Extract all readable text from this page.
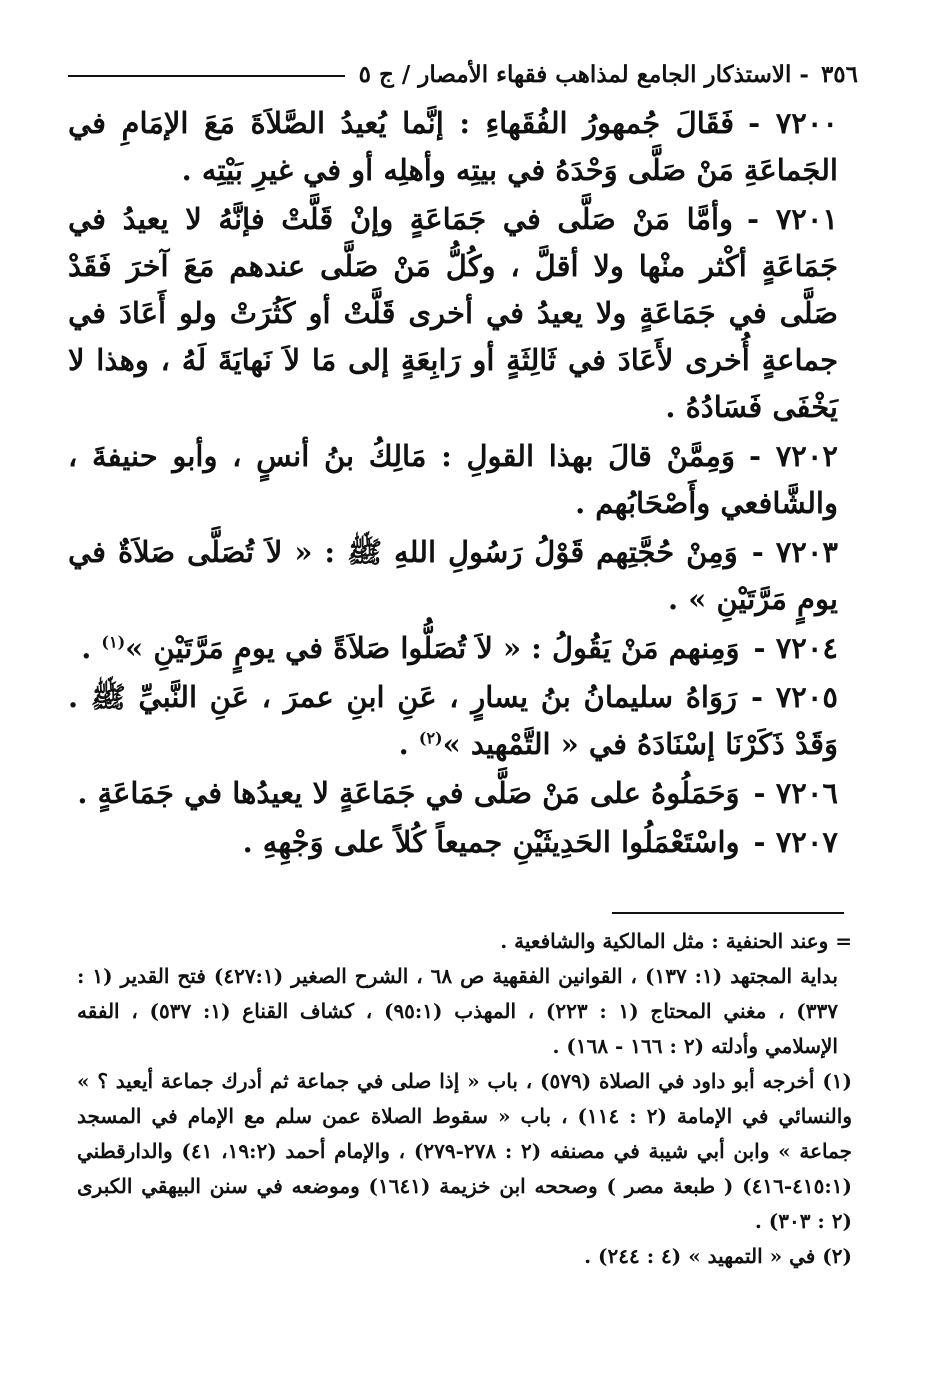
٣٥٦
- الاستذكار الجامع لمذاهب فقهاء الأمصار / ج ٥

٧٢٠٠ -فَقَالَ جُمهورُ الفُقَهاءِ : إنَّما يُعيدُ الصَّلاَةَ مَعَ الإمَامِ في الجَماعَةِ مَنْ صَلَّى وَحْدَهُ في بيتِه وأهلِه أو في غيرِ بَيْتِه .

٧٢٠١ -وأمَّا مَنْ صَلَّى في جَمَاعَةٍ وإنْ قَلَّتْ فإنَّهُ لا يعيدُ في جَمَاعَةٍ أكْثر منْها ولا أقلَّ ، وكُلُّ مَنْ صَلَّى عندهم مَعَ آخرَ فَقَدْ صَلَّى في جَمَاعَةٍ ولا يعيدُ في أخرى قَلَّتْ أو كَثُرَتْ ولو أَعَادَ في جماعةٍ أُخرى لأَعَادَ في ثَالِثَةٍ أو رَابِعَةٍ إلى مَا لاَ نَهايَةَ لَهُ ، وهذا لا يَخْفَى فَسَادُهُ .

٧٢٠٢ -وَمِمَّنْ قالَ بهذا القولِ : مَالِكُ بنُ أنسٍ ، وأبو حنيفةَ ، والشَّافعي وأَصْحَابُهم .

٧٢٠٣ -وَمِنْ حُجَّتِهم قَوْلُ رَسُولِ اللهِ ﷺ : « لاَ تُصَلَّى صَلاَةٌ في يومٍ مَرَّتَيْنِ » .

٧٢٠٤ -وَمِنهم مَنْ يَقُولُ : « لاَ تُصَلُّوا صَلاَةً في يومٍ مَرَّتَيْنِ »$^{(١)}$ .

٧٢٠٥ -رَوَاهُ سليمانُ بنُ يسارٍ ، عَنِ ابنِ عمرَ ، عَنِ النَّبيِّ ﷺ . وَقَدْ ذَكَرْنَا إسْنَادَهُ في « التَّمْهيد »$^{(٢)}$ .

٧٢٠٦ -وَحَمَلُوهُ على مَنْ صَلَّى في جَمَاعَةٍ لا يعيدُها في جَمَاعَةٍ .

٧٢٠٧ -واسْتَعْمَلُوا الحَدِيثَيْنِ جميعاً كُلاً على وَجْهِهِ .

= وعند الحنفية : مثل المالكية والشافعية .

بداية المجتهد (١: ١٣٧) ، القوانين الفقهية ص ٦٨ ، الشرح الصغير (٤٢٧:١) فتح القدير (١ : ٣٣٧) ، مغني المحتاج (١ : ٢٢٣) ، المهذب (٩٥:١) ، كشاف القناع (١: ٥٣٧) ، الفقه الإسلامي وأدلته (٢ : ١٦٦ - ١٦٨) .

(١) أخرجه أبو داود في الصلاة (٥٧٩) ، باب « إذا صلى في جماعة ثم أدرك جماعة أيعيد ؟ » والنسائي في الإمامة (٢ : ١١٤) ، باب « سقوط الصلاة عمن سلم مع الإمام في المسجد جماعة » وابن أبي شيبة في مصنفه (٢ : ٢٧٨-٢٧٩) ، والإمام أحمد (١٩:٢، ٤١) والدارقطني (٤١٥:١-٤١٦) ( طبعة مصر ) وصححه ابن خزيمة (١٦٤١) وموضعه في سنن البيهقي الكبرى (٢ : ٣٠٣) .

(٢) في « التمهيد » (٤ : ٢٤٤) .
